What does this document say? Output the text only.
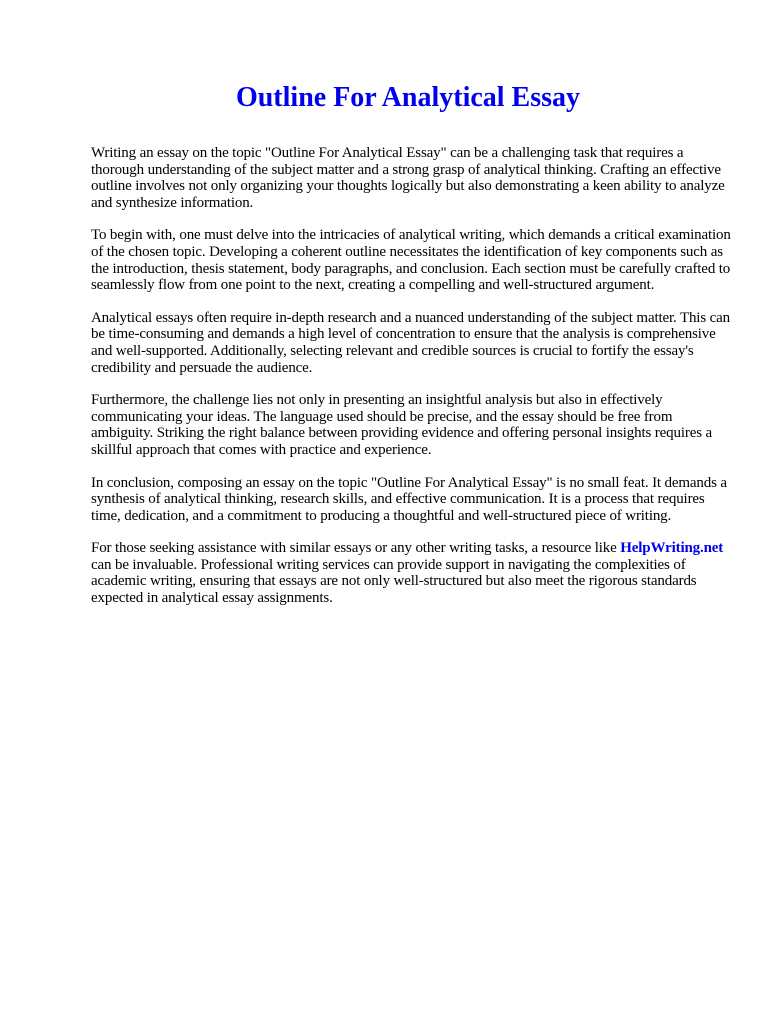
Outline For Analytical Essay

Writing an essay on the topic "Outline For Analytical Essay" can be a challenging task that requires a thorough understanding of the subject matter and a strong grasp of analytical thinking. Crafting an effective outline involves not only organizing your thoughts logically but also demonstrating a keen ability to analyze and synthesize information.

To begin with, one must delve into the intricacies of analytical writing, which demands a critical examination of the chosen topic. Developing a coherent outline necessitates the identification of key components such as the introduction, thesis statement, body paragraphs, and conclusion. Each section must be carefully crafted to seamlessly flow from one point to the next, creating a compelling and well-structured argument.

Analytical essays often require in-depth research and a nuanced understanding of the subject matter. This can be time-consuming and demands a high level of concentration to ensure that the analysis is comprehensive and well-supported. Additionally, selecting relevant and credible sources is crucial to fortify the essay's credibility and persuade the audience.

Furthermore, the challenge lies not only in presenting an insightful analysis but also in effectively communicating your ideas. The language used should be precise, and the essay should be free from ambiguity. Striking the right balance between providing evidence and offering personal insights requires a skillful approach that comes with practice and experience.

In conclusion, composing an essay on the topic "Outline For Analytical Essay" is no small feat. It demands a synthesis of analytical thinking, research skills, and effective communication. It is a process that requires time, dedication, and a commitment to producing a thoughtful and well-structured piece of writing.

For those seeking assistance with similar essays or any other writing tasks, a resource like HelpWriting.net can be invaluable. Professional writing services can provide support in navigating the complexities of academic writing, ensuring that essays are not only well-structured but also meet the rigorous standards expected in analytical essay assignments.
